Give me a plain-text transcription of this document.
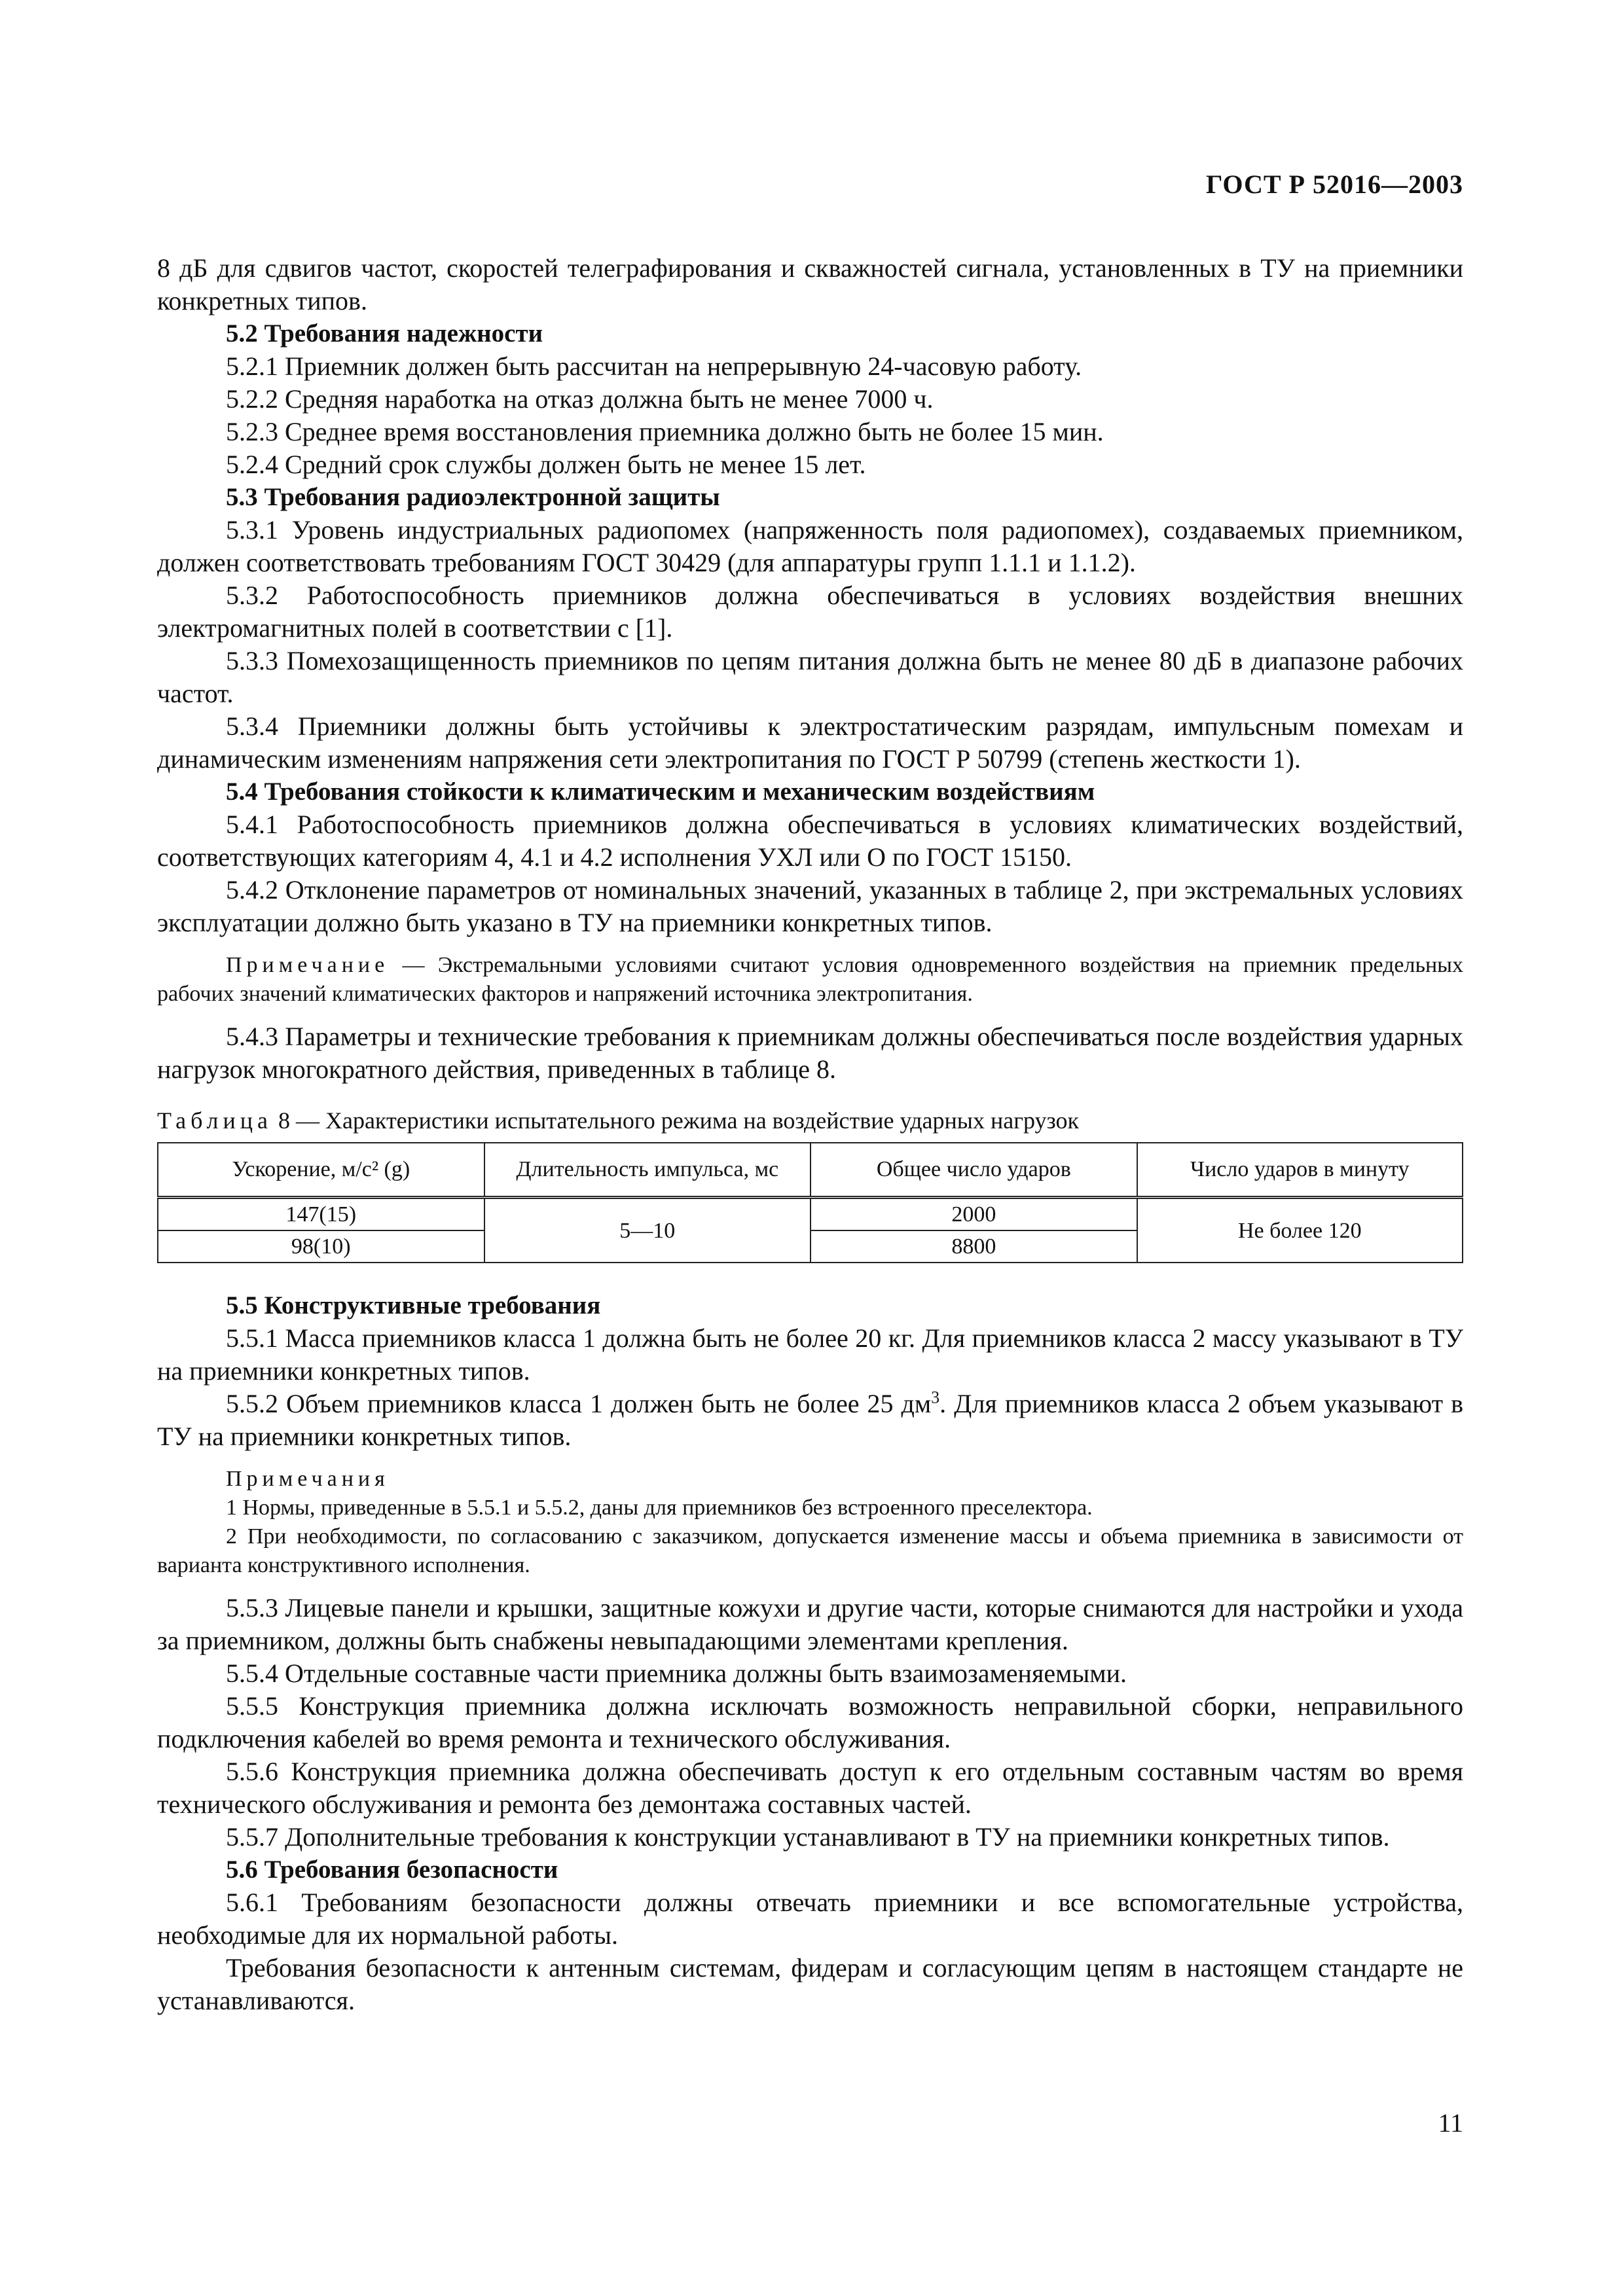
ГОСТ Р 52016—2003

8 дБ для сдвигов частот, скоростей телеграфирования и скважностей сигнала, установленных в ТУ на приемники конкретных типов.

5.2 Требования надежности

5.2.1 Приемник должен быть рассчитан на непрерывную 24-часовую работу.

5.2.2 Средняя наработка на отказ должна быть не менее 7000 ч.

5.2.3 Среднее время восстановления приемника должно быть не более 15 мин.

5.2.4 Средний срок службы должен быть не менее 15 лет.

5.3 Требования радиоэлектронной защиты

5.3.1 Уровень индустриальных радиопомех (напряженность поля радиопомех), создаваемых приемником, должен соответствовать требованиям ГОСТ 30429 (для аппаратуры групп 1.1.1 и 1.1.2).

5.3.2 Работоспособность приемников должна обеспечиваться в условиях воздействия внешних электромагнитных полей в соответствии с [1].

5.3.3 Помехозащищенность приемников по цепям питания должна быть не менее 80 дБ в диапазоне рабочих частот.

5.3.4 Приемники должны быть устойчивы к электростатическим разрядам, импульсным помехам и динамическим изменениям напряжения сети электропитания по ГОСТ Р 50799 (степень жесткости 1).

5.4 Требования стойкости к климатическим и механическим воздействиям

5.4.1 Работоспособность приемников должна обеспечиваться в условиях климатических воздействий, соответствующих категориям 4, 4.1 и 4.2 исполнения УХЛ или О по ГОСТ 15150.

5.4.2 Отклонение параметров от номинальных значений, указанных в таблице 2, при экстремальных условиях эксплуатации должно быть указано в ТУ на приемники конкретных типов.

Примечание — Экстремальными условиями считают условия одновременного воздействия на приемник предельных рабочих значений климатических факторов и напряжений источника электропитания.

5.4.3 Параметры и технические требования к приемникам должны обеспечиваться после воздействия ударных нагрузок многократного действия, приведенных в таблице 8.

Таблица 8 — Характеристики испытательного режима на воздействие ударных нагрузок

Ускорение, м/с² (g)	Длительность импульса, мс	Общее число ударов	Число ударов в минуту
147(15)	5—10	2000	Не более 120
98(10)		8800	

5.5 Конструктивные требования

5.5.1 Масса приемников класса 1 должна быть не более 20 кг. Для приемников класса 2 массу указывают в ТУ на приемники конкретных типов.

5.5.2 Объем приемников класса 1 должен быть не более 25 $дм^3$. Для приемников класса 2 объем указывают в ТУ на приемники конкретных типов.

Примечания

1 Нормы, приведенные в 5.5.1 и 5.5.2, даны для приемников без встроенного преселектора.

2 При необходимости, по согласованию с заказчиком, допускается изменение массы и объема приемника в зависимости от варианта конструктивного исполнения.

5.5.3 Лицевые панели и крышки, защитные кожухи и другие части, которые снимаются для настройки и ухода за приемником, должны быть снабжены невыпадающими элементами крепления.

5.5.4 Отдельные составные части приемника должны быть взаимозаменяемыми.

5.5.5 Конструкция приемника должна исключать возможность неправильной сборки, неправильного подключения кабелей во время ремонта и технического обслуживания.

5.5.6 Конструкция приемника должна обеспечивать доступ к его отдельным составным частям во время технического обслуживания и ремонта без демонтажа составных частей.

5.5.7 Дополнительные требования к конструкции устанавливают в ТУ на приемники конкретных типов.

5.6 Требования безопасности

5.6.1 Требованиям безопасности должны отвечать приемники и все вспомогательные устройства, необходимые для их нормальной работы.

Требования безопасности к антенным системам, фидерам и согласующим цепям в настоящем стандарте не устанавливаются.

11
